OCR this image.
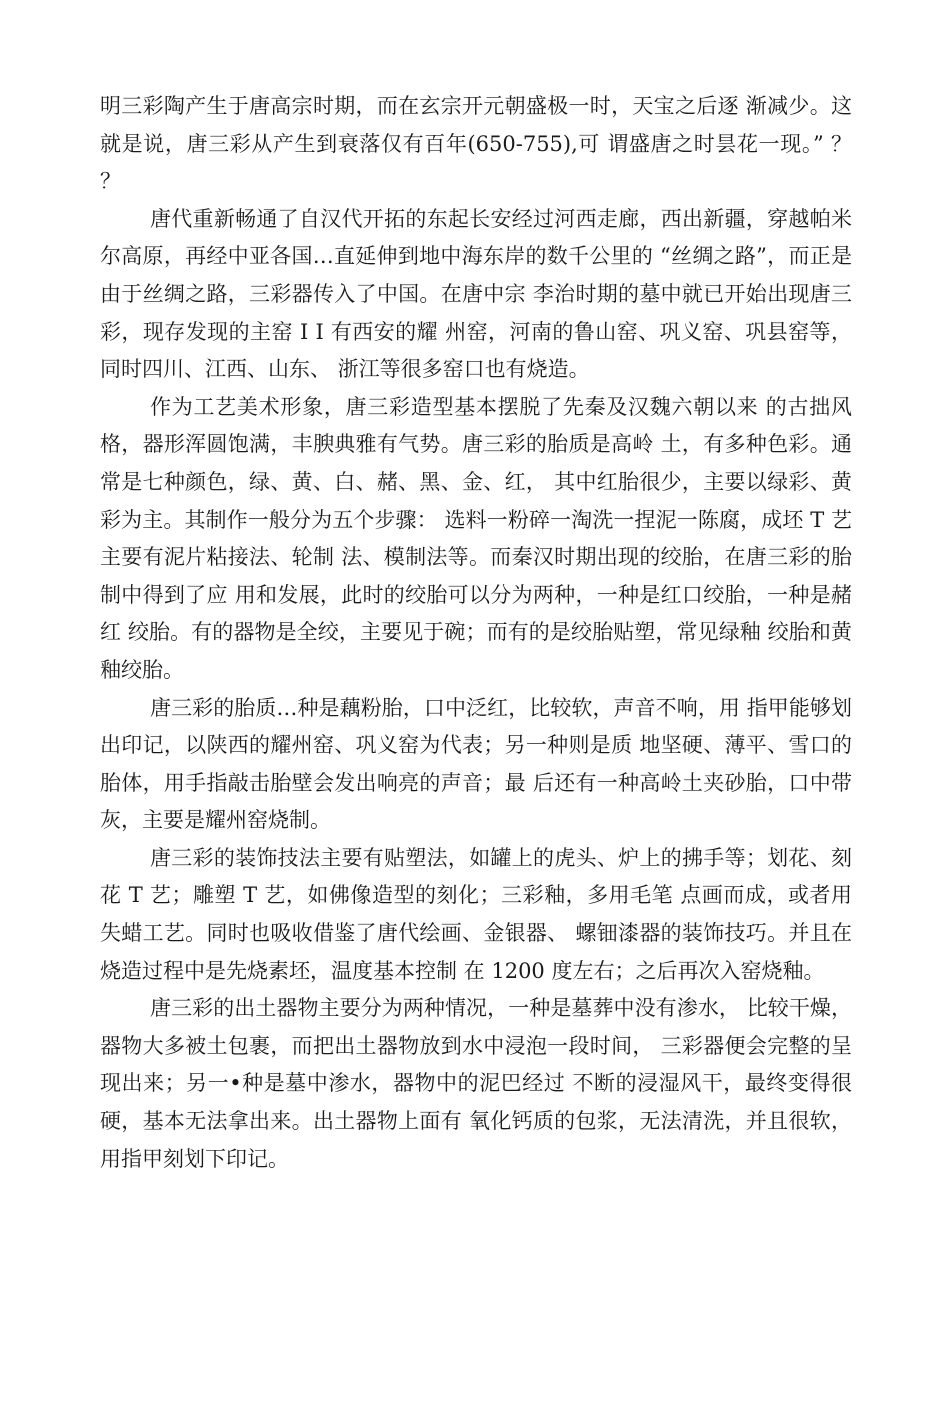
明三彩陶产生于唐高宗时期，而在玄宗开元朝盛极一时，天宝之后逐 渐减少。这就是说，唐三彩从产生到衰落仅有百年(650-755),可 谓盛唐之时昙花一现。” ？ ？

唐代重新畅通了自汉代开拓的东起长安经过河西走廊，西出新疆，穿越帕米尔高原，再经中亚各国…直延伸到地中海东岸的数千公里的 “丝绸之路”，而正是由于丝绸之路，三彩器传入了中国。在唐中宗 李治时期的墓中就已开始出现唐三彩，现存发现的主窑 I I 有西安的耀 州窑，河南的鲁山窑、巩义窑、巩县窑等，同时四川、江西、山东、 浙江等很多窑口也有烧造。

作为工艺美术形象，唐三彩造型基本摆脱了先秦及汉魏六朝以来 的古拙风格，器形浑圆饱满，丰腴典雅有气势。唐三彩的胎质是高岭 土，有多种色彩。通常是七种颜色，绿、黄、白、赭、黑、金、红， 其中红胎很少，主要以绿彩、黄彩为主。其制作一般分为五个步骤： 选料一粉碎一淘洗一捏泥一陈腐，成坯 T 艺主要有泥片粘接法、轮制 法、模制法等。而秦汉时期出现的绞胎，在唐三彩的胎制中得到了应 用和发展，此时的绞胎可以分为两种，一种是红口绞胎，一种是赭红 绞胎。有的器物是全绞，主要见于碗；而有的是绞胎贴塑，常见绿釉 绞胎和黄釉绞胎。

唐三彩的胎质…种是藕粉胎，口中泛红，比较软，声音不响，用 指甲能够划出印记，以陕西的耀州窑、巩义窑为代表；另一种则是质 地坚硬、薄平、雪口的胎体，用手指敲击胎壁会发出响亮的声音；最 后还有一种高岭土夹砂胎，口中带灰，主要是耀州窑烧制。

唐三彩的装饰技法主要有贴塑法，如罐上的虎头、炉上的拂手等；划花、刻花 T 艺；雕塑 T 艺，如佛像造型的刻化；三彩釉，多用毛笔 点画而成，或者用失蜡工艺。同时也吸收借鉴了唐代绘画、金银器、 螺钿漆器的装饰技巧。并且在烧造过程中是先烧素坯，温度基本控制 在 1200 度左右；之后再次入窑烧釉。

唐三彩的出土器物主要分为两种情况，一种是墓葬中没有渗水， 比较干燥，器物大多被土包裹，而把出土器物放到水中浸泡一段时间， 三彩器便会完整的呈现出来；另一•种是墓中渗水，器物中的泥巴经过 不断的浸湿风干，最终变得很硬，基本无法拿出来。出土器物上面有 氧化钙质的包浆，无法清洗，并且很软，用指甲刻划下印记。
